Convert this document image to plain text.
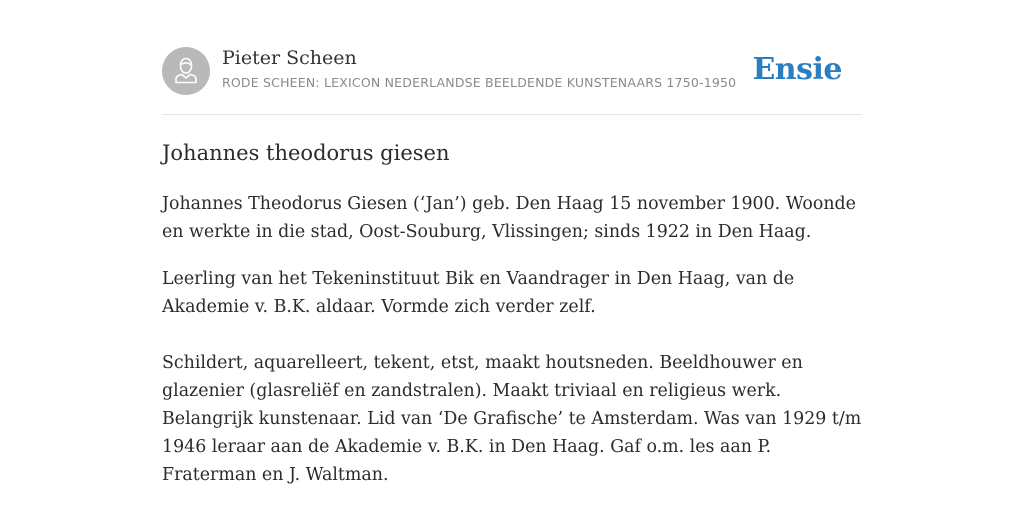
Pieter Scheen
RODE SCHEEN: LEXICON NEDERLANDSE BEELDENDE KUNSTENAARS 1750-1950 Ensie
Johannes theodorus giesen

Johannes Theodorus Giesen (‘Jan’) geb. Den Haag 15 november 1900. Woonde en werkte in die stad, Oost-Souburg, Vlissingen; sinds 1922 in Den Haag.

Leerling van het Tekeninstituut Bik en Vaandrager in Den Haag, van de Akademie v. B.K. aldaar. Vormde zich verder zelf.

Schildert, aquarelleert, tekent, etst, maakt houtsneden. Beeldhouwer en glazenier (glasreliëf en zandstralen). Maakt triviaal en religieus werk. Belangrijk kunstenaar. Lid van ‘De Grafische’ te Amsterdam. Was van 1929 t/m 1946 leraar aan de Akademie v. B.K. in Den Haag. Gaf o.m. les aan P. Fraterman en J. Waltman.
